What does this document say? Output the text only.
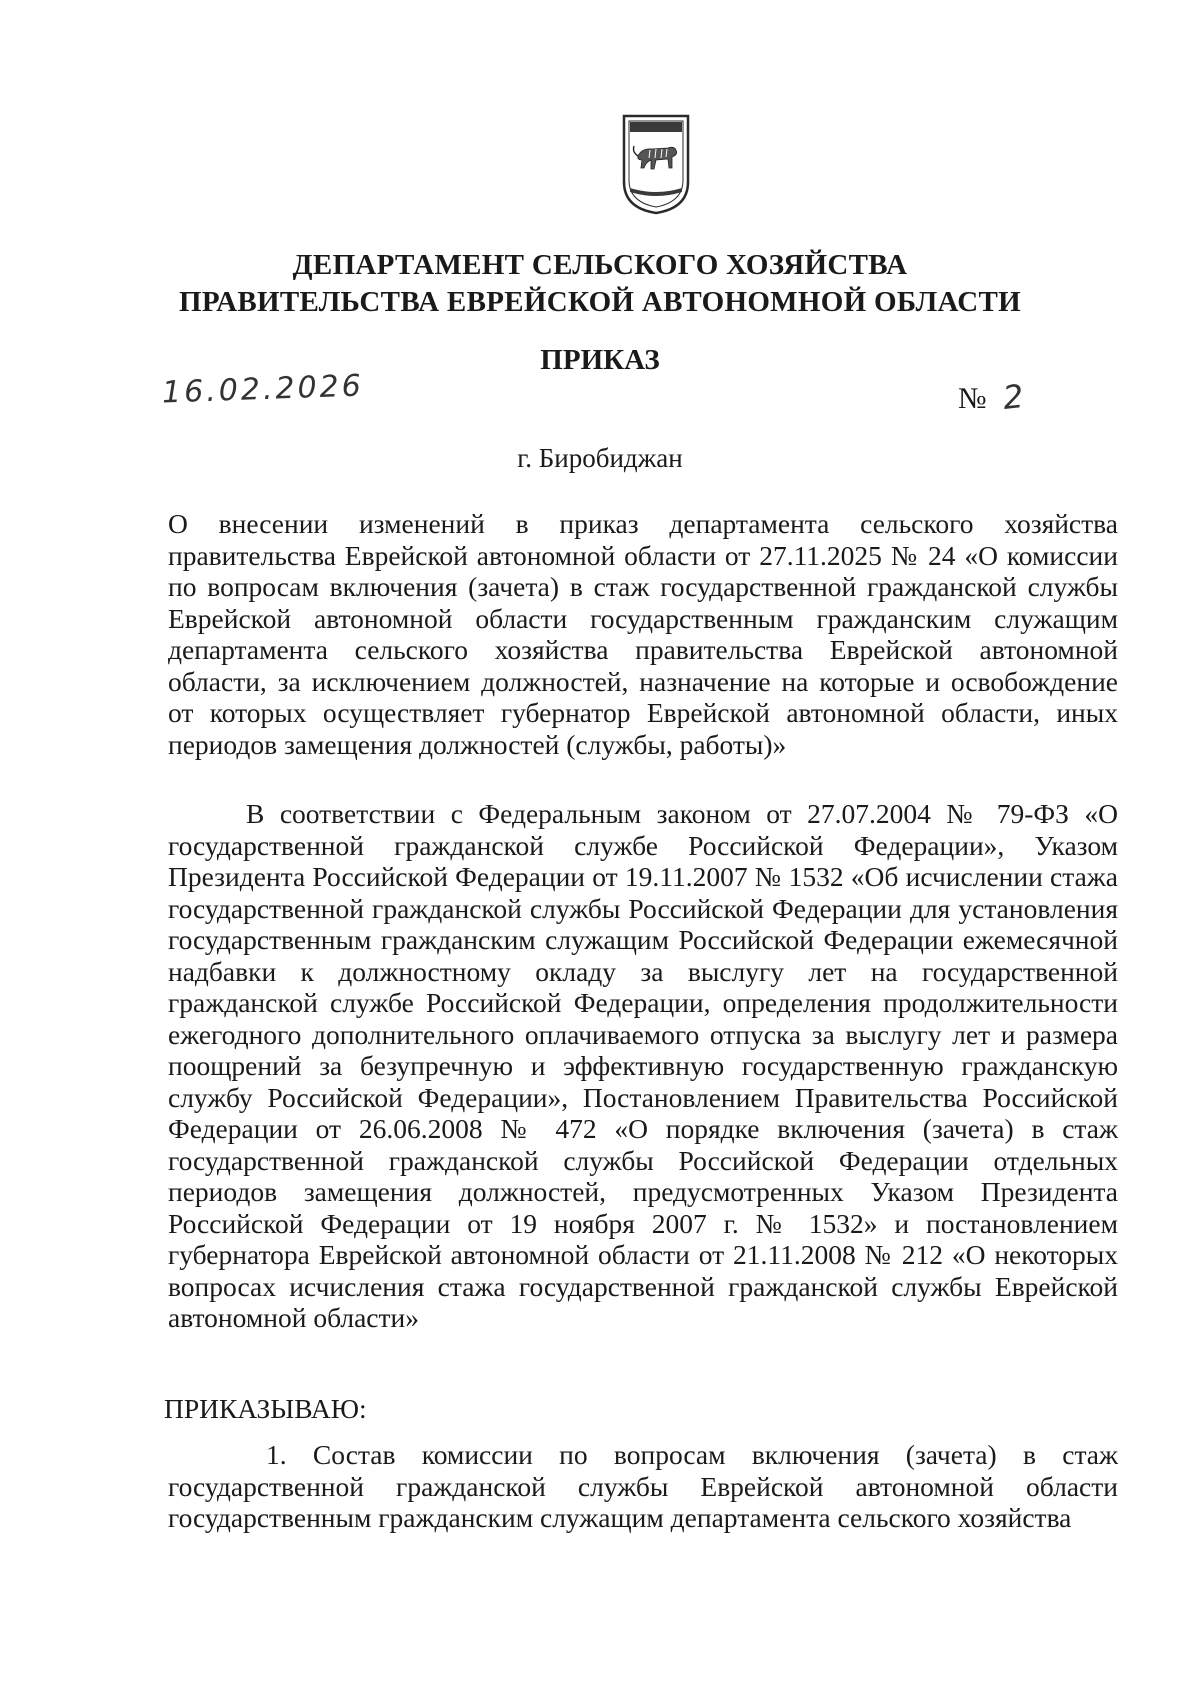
ДЕПАРТАМЕНТ СЕЛЬСКОГО ХОЗЯЙСТВА
ПРАВИТЕЛЬСТВА ЕВРЕЙСКОЙ АВТОНОМНОЙ ОБЛАСТИ
ПРИКАЗ
16.02.2026	№ 2
г. Биробиджан
О внесении изменений в приказ департамента сельского хозяйства правительства Еврейской автономной области от 27.11.2025 № 24 «О комиссии по вопросам включения (зачета) в стаж государственной гражданской службы Еврейской автономной области государственным гражданским служащим департамента сельского хозяйства правительства Еврейской автономной области, за исключением должностей, назначение на которые и освобождение от которых осуществляет губернатор Еврейской автономной области, иных периодов замещения должностей (службы, работы)»
В соответствии с Федеральным законом от 27.07.2004 № 79-ФЗ «О государственной гражданской службе Российской Федерации», Указом Президента Российской Федерации от 19.11.2007 № 1532 «Об исчислении стажа государственной гражданской службы Российской Федерации для установления государственным гражданским служащим Российской Федерации ежемесячной надбавки к должностному окладу за выслугу лет на государственной гражданской службе Российской Федерации, определения продолжительности ежегодного дополнительного оплачиваемого отпуска за выслугу лет и размера поощрений за безупречную и эффективную государственную гражданскую службу Российской Федерации», Постановлением Правительства Российской Федерации от 26.06.2008 № 472 «О порядке включения (зачета) в стаж государственной гражданской службы Российской Федерации отдельных периодов замещения должностей, предусмотренных Указом Президента Российской Федерации от 19 ноября 2007 г. № 1532» и постановлением губернатора Еврейской автономной области от 21.11.2008 № 212 «О некоторых вопросах исчисления стажа государственной гражданской службы Еврейской автономной области»
ПРИКАЗЫВАЮ:
1. Состав комиссии по вопросам включения (зачета) в стаж государственной гражданской службы Еврейской автономной области государственным гражданским служащим департамента сельского хозяйства
